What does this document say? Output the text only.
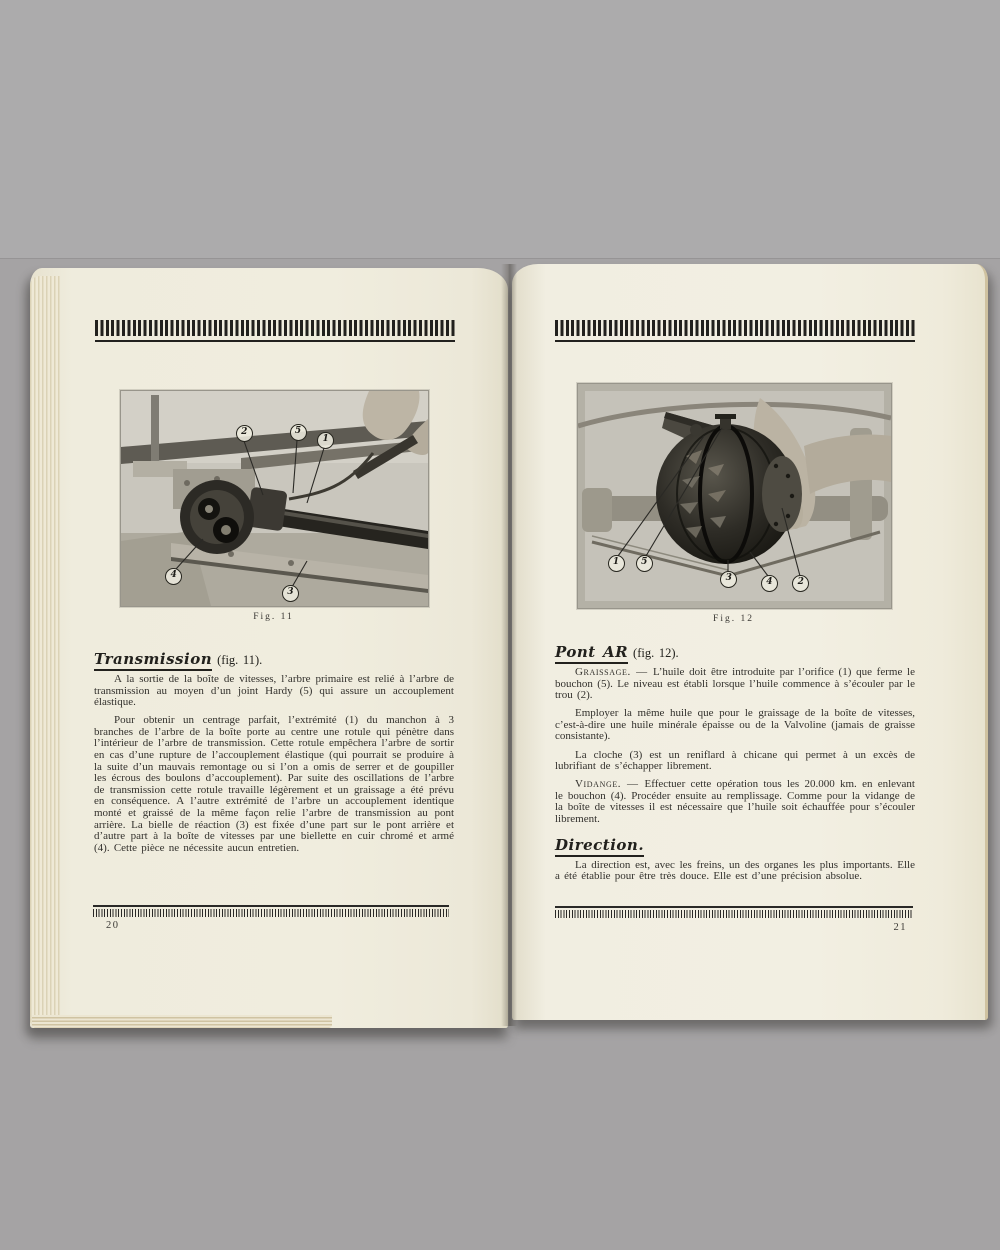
2	5
1
4
3
Fig. 11
Transmission (fig. 11).

A la sortie de la boîte de vitesses, l’arbre primaire est relié à l’arbre de transmission au moyen d’un joint Hardy (5) qui assure un accouplement élastique.

Pour obtenir un centrage parfait, l’extrémité (1) du manchon à 3 branches de l’arbre de la boîte porte au centre une rotule qui pénètre dans l’intérieur de l’arbre de transmission. Cette rotule empêchera l’arbre de sortir en cas d’une rupture de l’accouplement élastique (qui pourrait se produire à la suite d’un mauvais remontage ou si l’on a omis de serrer et de goupiller les écrous des boulons d’accouplement). Par suite des oscillations de l’arbre de transmission cette rotule travaille légèrement et un graissage a été prévu en conséquence. A l’autre extrémité de l’arbre un accouplement identique monté et graissé de la même façon relie l’arbre de transmission au pont arrière. La bielle de réaction (3) est fixée d’une part sur le pont arrière et d’autre part à la boîte de vitesses par une biellette en cuir chromé et armé (4). Cette pièce ne nécessite aucun entretien.

20
1	5
3	4	2
Fig. 12
Pont AR (fig. 12).

Graissage. — L’huile doit être introduite par l’orifice (1) que ferme le bouchon (5). Le niveau est établi lorsque l’huile commence à s’écouler par le trou (2).

Employer la même huile que pour le graissage de la boîte de vitesses, c’est-à-dire une huile minérale épaisse ou de la Valvoline (jamais de graisse consistante).

La cloche (3) est un reniflard à chicane qui permet à un excès de lubrifiant de s’échapper librement.

Vidange. — Effectuer cette opération tous les 20.000 km. en enlevant le bouchon (4). Procéder ensuite au remplissage. Comme pour la vidange de la boîte de vitesses il est nécessaire que l’huile soit échauffée pour s’écouler librement.

Direction.

La direction est, avec les freins, un des organes les plus importants. Elle a été établie pour être très douce. Elle est d’une précision absolue.

21
